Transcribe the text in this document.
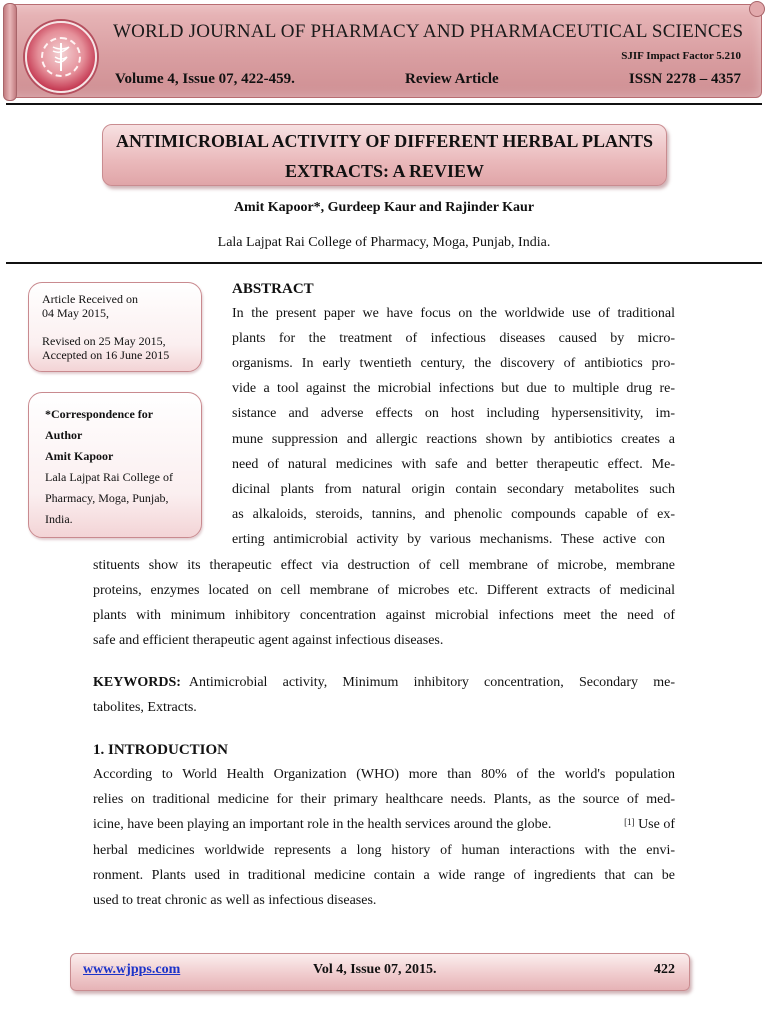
WORLD JOURNAL OF PHARMACY AND PHARMACEUTICAL SCIENCES
SJIF Impact Factor 5.210
Volume 4, Issue 07, 422-459.	Review Article	ISSN 2278 – 4357
ANTIMICROBIAL ACTIVITY OF DIFFERENT HERBAL PLANTS
EXTRACTS: A REVIEW
Amit Kapoor*, Gurdeep Kaur and Rajinder Kaur
Lala Lajpat Rai College of Pharmacy, Moga, Punjab, India.
Article Received on
04 May 2015,
Revised on 25 May 2015,
Accepted on 16 June 2015
*Correspondence for
Author
Amit Kapoor
Lala Lajpat Rai College of
Pharmacy, Moga, Punjab,
India.
ABSTRACT
In the present paper we have focus on the worldwide use of traditional
plants for the treatment of infectious diseases caused by micro-
organisms. In early twentieth century, the discovery of antibiotics pro-
vide a tool against the microbial infections but due to multiple drug re-
sistance and adverse effects on host including hypersensitivity, im-
mune suppression and allergic reactions shown by antibiotics creates a
need of natural medicines with safe and better therapeutic effect. Me-
dicinal plants from natural origin contain secondary metabolites such
as alkaloids, steroids, tannins, and phenolic compounds capable of ex-
erting antimicrobial activity by various mechanisms. These active con
stituents show its therapeutic effect via destruction of cell membrane of microbe, membrane
proteins, enzymes located on cell membrane of microbes etc. Different extracts of medicinal
plants with minimum inhibitory concentration against microbial infections meet the need of
safe and efficient therapeutic agent against infectious diseases.
KEYWORDS: Antimicrobial activity, Minimum inhibitory concentration, Secondary me-
tabolites, Extracts.
1. INTRODUCTION
According to World Health Organization (WHO) more than 80% of the world's population
relies on traditional medicine for their primary healthcare needs. Plants, as the source of med-
icine, have been playing an important role in the health services around the globe.	[1] Use of
herbal medicines worldwide represents a long history of human interactions with the envi-
ronment. Plants used in traditional medicine contain a wide range of ingredients that can be
used to treat chronic as well as infectious diseases.
www.wjpps.com	Vol 4, Issue 07, 2015.	422
